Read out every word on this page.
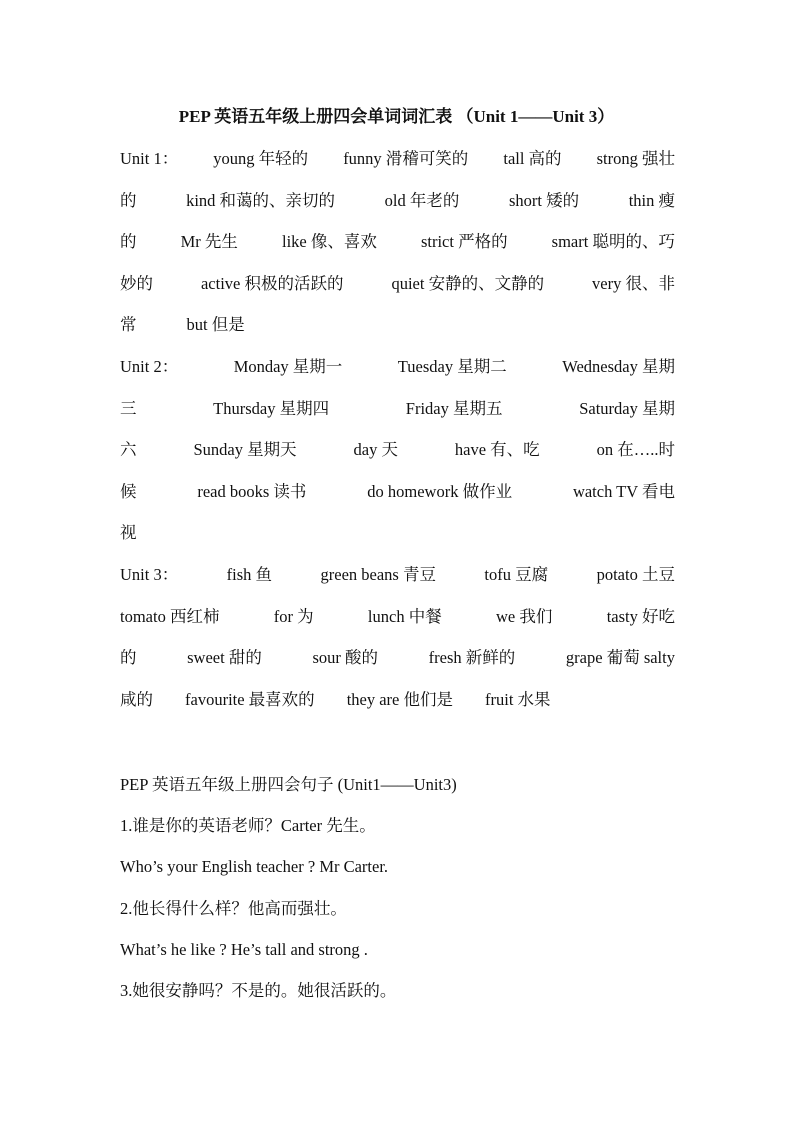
PEP 英语五年级上册四会单词词汇表 （Unit 1——Unit 3）
Unit 1： young 年轻的 funny 滑稽可笑的 tall 高的 strong 强壮
的	kind 和蔼的、亲切的	old 年老的	short 矮的	thin 瘦
的	Mr 先生	like 像、喜欢	strict 严格的	smart 聪明的、巧
妙的	active 积极的活跃的	quiet 安静的、文静的	very 很、非
常	but 但是
Unit 2：	Monday 星期一	Tuesday 星期二	Wednesday 星期
三	Thursday 星期四	Friday 星期五	Saturday 星期
六	Sunday 星期天	day 天	have 有、吃	on 在…..时
候	read books 读书	do homework 做作业	watch TV 看电
视
Unit 3：	fish 鱼	green beans 青豆	tofu 豆腐	potato 土豆
tomato 西红柿	for 为	lunch 中餐	we 我们	tasty 好吃
的	sweet 甜的	sour 酸的	fresh 新鲜的	grape 葡萄 salty
咸的 favourite 最喜欢的 they are 他们是 fruit 水果
PEP 英语五年级上册四会句子 (Unit1——Unit3)
1.谁是你的英语老师？Carter 先生。
Who’s your English teacher ? Mr Carter.
2.他长得什么样？他高而强壮。
What’s he like ? He’s tall and strong .
3.她很安静吗？不是的。她很活跃的。
